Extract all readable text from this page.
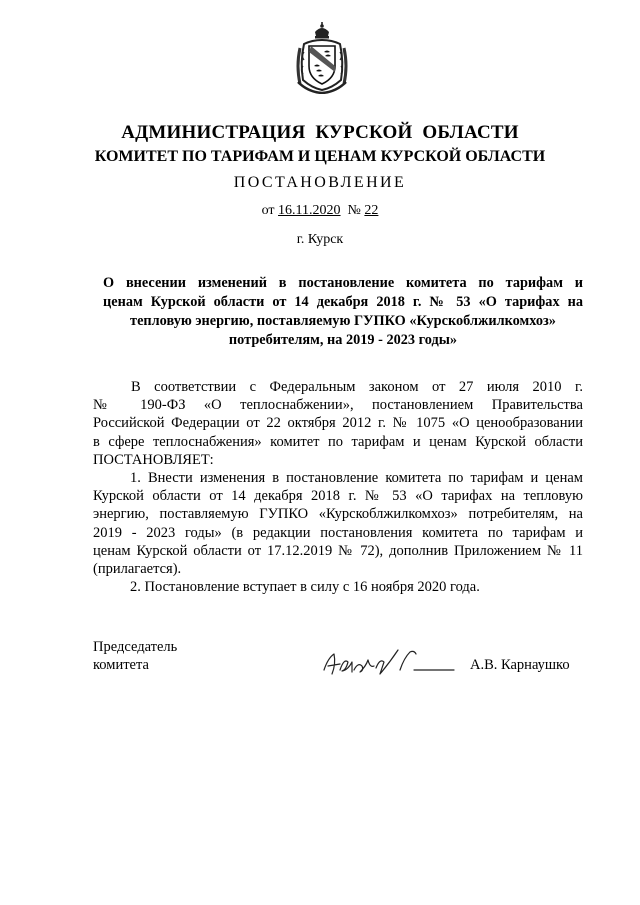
АДМИНИСТРАЦИЯ  КУРСКОЙ  ОБЛАСТИ
КОМИТЕТ ПО ТАРИФАМ И ЦЕНАМ КУРСКОЙ ОБЛАСТИ
ПОСТАНОВЛЕНИЕ
от 16.11.2020 № 22
г. Курск
О внесении изменений в постановление комитета по тарифам и
ценам Курской области от 14 декабря 2018 г. № 53 «О тарифах на
тепловую энергию, поставляемую ГУПКО «Курскоблжилкомхоз»
потребителям, на 2019 - 2023 годы»
В соответствии с Федеральным законом от 27 июля 2010 г.
№ 190-ФЗ «О теплоснабжении», постановлением Правительства
Российской Федерации от 22 октября 2012 г. № 1075 «О ценообразовании
в сфере теплоснабжения» комитет по тарифам и ценам Курской области
ПОСТАНОВЛЯЕТ:
1. Внести изменения в постановление комитета по тарифам и ценам
Курской области от 14 декабря 2018 г. № 53 «О тарифах на тепловую
энергию, поставляемую ГУПКО «Курскоблжилкомхоз» потребителям, на
2019 - 2023 годы» (в редакции постановления комитета по тарифам и
ценам Курской области от 17.12.2019 № 72), дополнив Приложением № 11
(прилагается).
2. Постановление вступает в силу с 16 ноября 2020 года.
Председатель
комитета	А.В. Карнаушко
